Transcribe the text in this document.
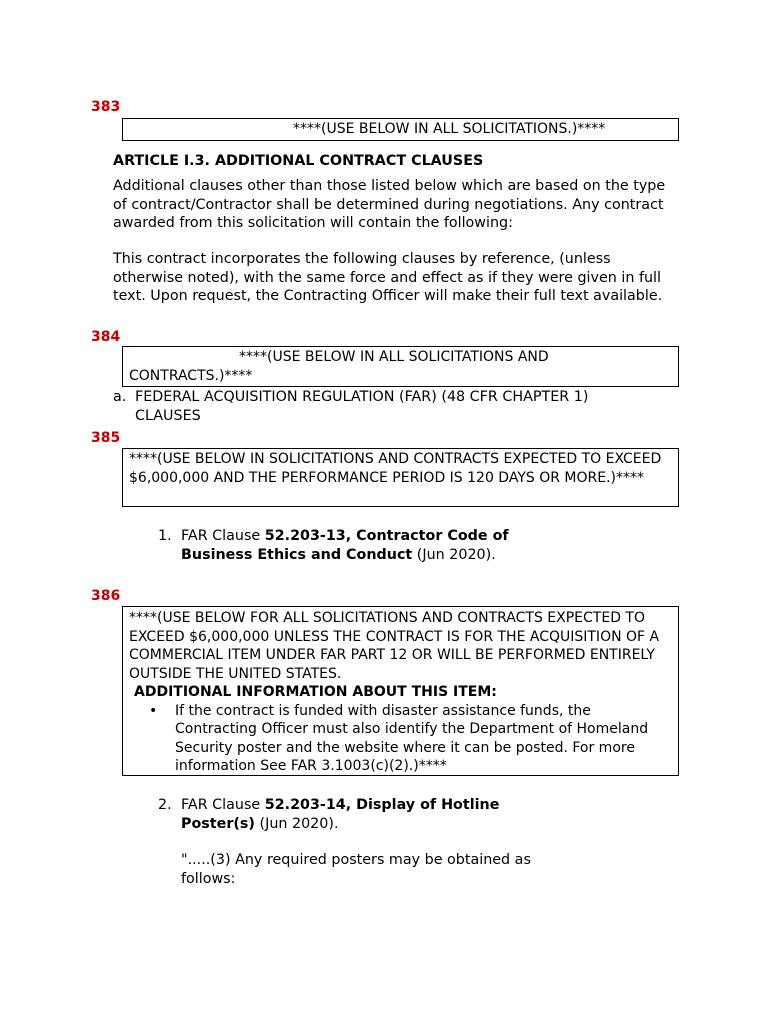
383
****(USE BELOW IN ALL SOLICITATIONS.)****
ARTICLE I.3. ADDITIONAL CONTRACT CLAUSES
Additional clauses other than those listed below which are based on the type of contract/Contractor shall be determined during negotiations. Any contract awarded from this solicitation will contain the following:
This contract incorporates the following clauses by reference, (unless otherwise noted), with the same force and effect as if they were given in full text. Upon request, the Contracting Officer will make their full text available.
384
****(USE BELOW IN ALL SOLICITATIONS AND
CONTRACTS.)****
a. FEDERAL ACQUISITION REGULATION (FAR) (48 CFR CHAPTER 1)
CLAUSES
385
****(USE BELOW IN SOLICITATIONS AND CONTRACTS EXPECTED TO EXCEED $6,000,000 AND THE PERFORMANCE PERIOD IS 120 DAYS OR MORE.)****
1. FAR Clause 52.203-13, Contractor Code of
Business Ethics and Conduct (Jun 2020).
386
****(USE BELOW FOR ALL SOLICITATIONS AND CONTRACTS EXPECTED TO EXCEED $6,000,000 UNLESS THE CONTRACT IS FOR THE ACQUISITION OF A COMMERCIAL ITEM UNDER FAR PART 12 OR WILL BE PERFORMED ENTIRELY OUTSIDE THE UNITED STATES.
ADDITIONAL INFORMATION ABOUT THIS ITEM:
• If the contract is funded with disaster assistance funds, the Contracting Officer must also identify the Department of Homeland Security poster and the website where it can be posted. For more information See FAR 3.1003(c)(2).)****
2. FAR Clause 52.203-14, Display of Hotline
Poster(s) (Jun 2020).
".....(3) Any required posters may be obtained as
follows:
